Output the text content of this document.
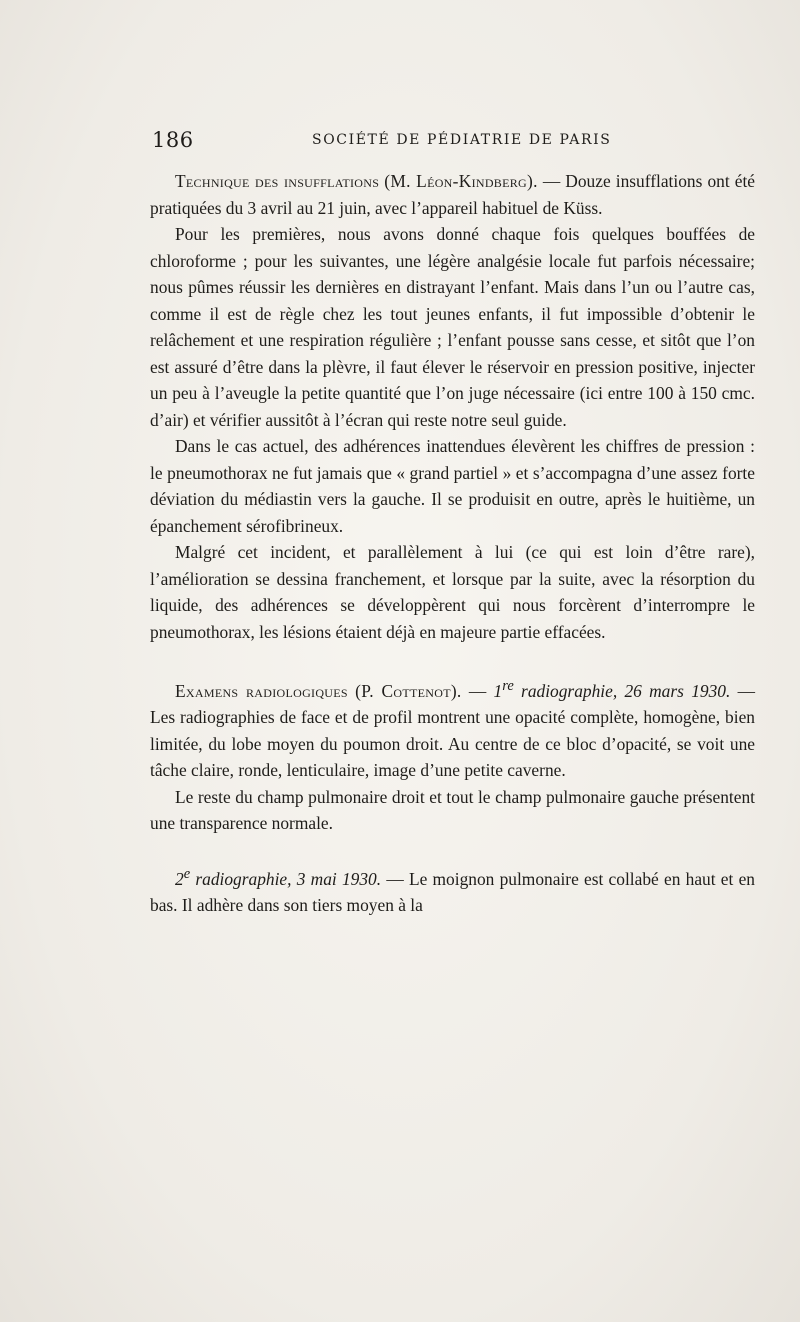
186	SOCIÉTÉ DE PÉDIATRIE DE PARIS

Technique des insufflations (M. Léon-Kindberg). — Douze insufflations ont été pratiquées du 3 avril au 21 juin, avec l’appareil habituel de Küss.

Pour les premières, nous avons donné chaque fois quelques bouffées de chloroforme ; pour les suivantes, une légère analgésie locale fut parfois nécessaire; nous pûmes réussir les dernières en distrayant l’enfant. Mais dans l’un ou l’autre cas, comme il est de règle chez les tout jeunes enfants, il fut impossible d’obtenir le relâchement et une respiration régulière ; l’enfant pousse sans cesse, et sitôt que l’on est assuré d’être dans la plèvre, il faut élever le réservoir en pression positive, injecter un peu à l’aveugle la petite quantité que l’on juge nécessaire (ici entre 100 à 150 cmc. d’air) et vérifier aussitôt à l’écran qui reste notre seul guide.

Dans le cas actuel, des adhérences inattendues élevèrent les chiffres de pression : le pneumothorax ne fut jamais que « grand partiel » et s’accompagna d’une assez forte déviation du médiastin vers la gauche. Il se produisit en outre, après le huitième, un épanchement sérofibrineux.

Malgré cet incident, et parallèlement à lui (ce qui est loin d’être rare), l’amélioration se dessina franchement, et lorsque par la suite, avec la résorption du liquide, des adhérences se développèrent qui nous forcèrent d’interrompre le pneumothorax, les lésions étaient déjà en majeure partie effacées.

Examens radiologiques (P. Cottenot). — 1re radiographie, 26 mars 1930. — Les radiographies de face et de profil montrent une opacité complète, homogène, bien limitée, du lobe moyen du poumon droit. Au centre de ce bloc d’opacité, se voit une tâche claire, ronde, lenticulaire, image d’une petite caverne.

Le reste du champ pulmonaire droit et tout le champ pulmonaire gauche présentent une transparence normale.

2e radiographie, 3 mai 1930. — Le moignon pulmonaire est collabé en haut et en bas. Il adhère dans son tiers moyen à la
